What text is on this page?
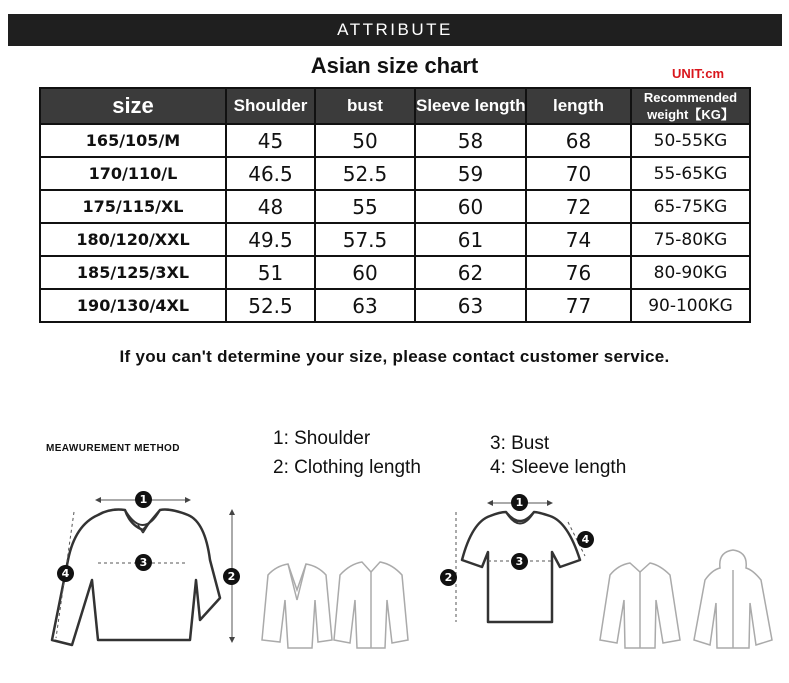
ATTRIBUTE
Asian size chart	UNIT:cm
size	Shoulder	bust	Sleeve length	length	Recommended
weight【KG】

165/105/M	45	50	58	68	50-55KG
170/110/L	46.5	52.5	59	70	55-65KG
175/115/XL	48	55	60	72	65-75KG
180/120/XXL	49.5	57.5	61	74	75-80KG
185/125/3XL	51	60	62	76	80-90KG
190/130/4XL	52.5	63	63	77	90-100KG
If you can't determine your size, please contact customer service.
MEAWUREMENT METHOD	1: Shoulder
2: Clothing length
3: Bust
4: Sleeve length
1
3
2
4
1
3
2
4
